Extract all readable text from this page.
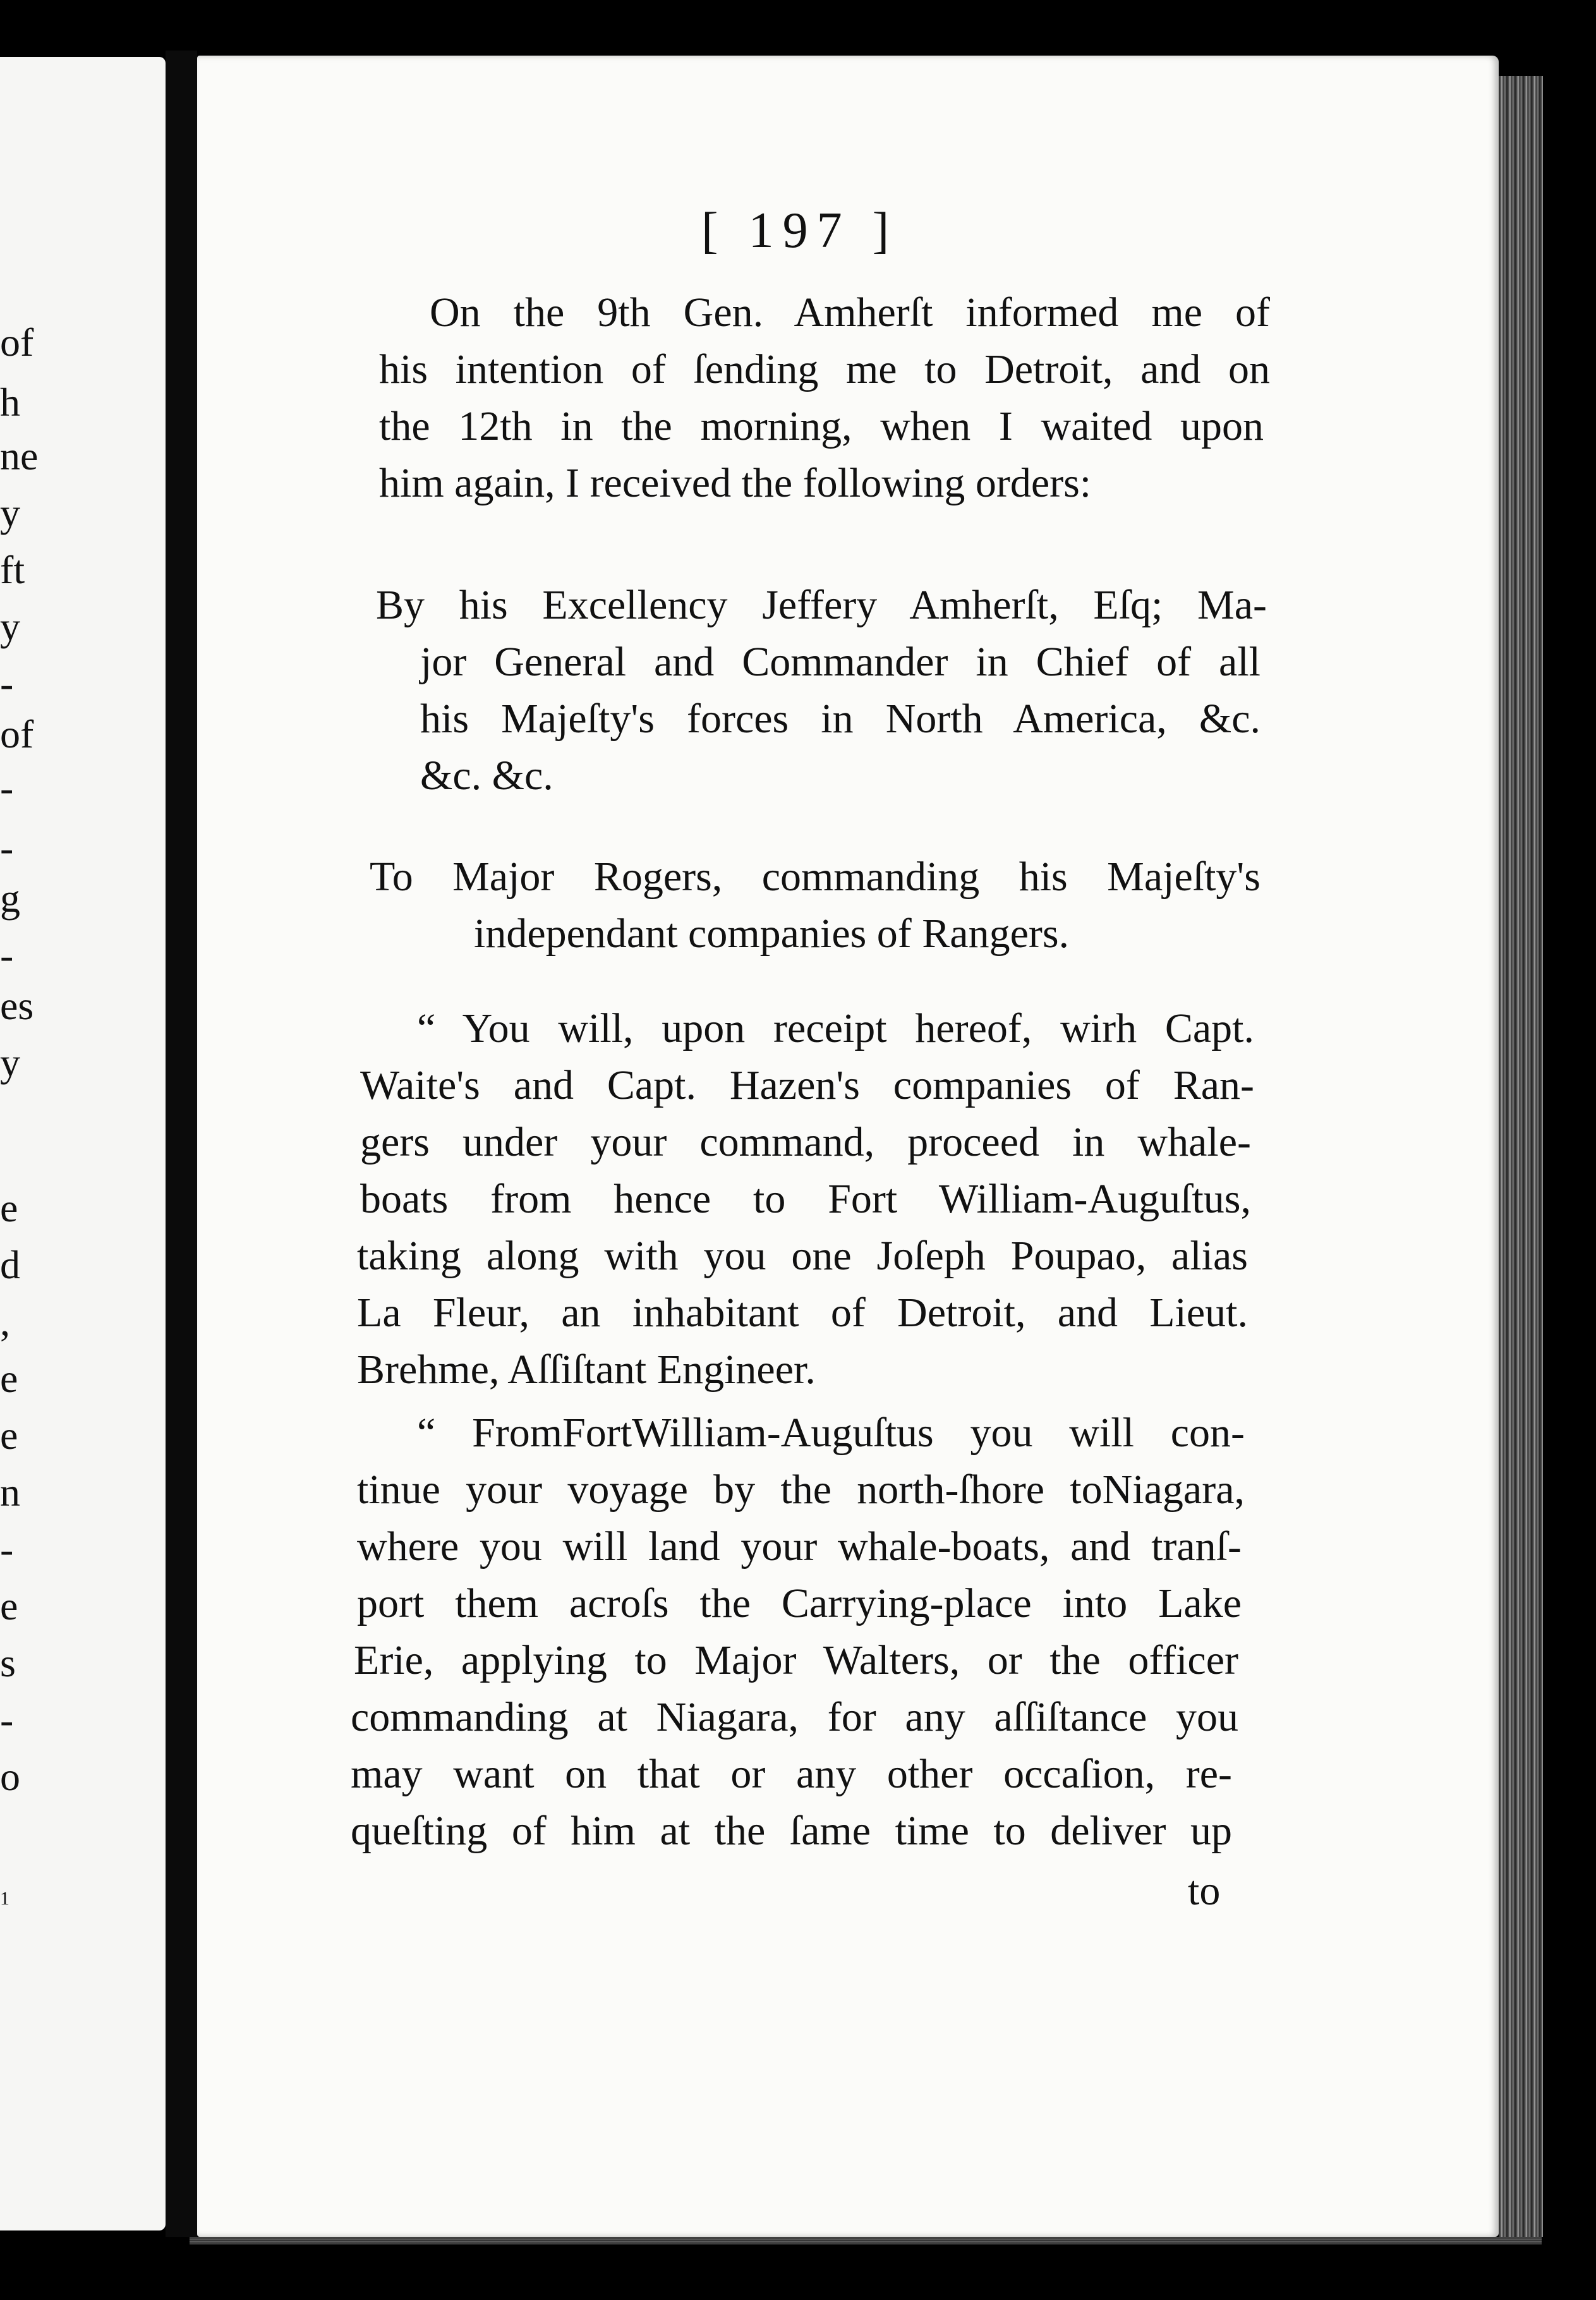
of
h
ne
y
ft
y
-
of
-
-
g
-
es
y
e
d
,
e
e
n
-
e
s
-
o
1
[ 197 ]
On the 9th Gen. Amherſt informed me of
his intention of ſending me to Detroit, and on
the 12th in the morning, when I waited upon
him again, I received the following orders:
By his Excellency Jeffery Amherſt, Eſq; Ma-
jor General and Commander in Chief of all
his Majeſty's forces in North America, &c.
&c. &c.
To Major Rogers, commanding his Majeſty's
independant companies of Rangers.
“ You will, upon receipt hereof, wirh Capt.
Waite's and Capt. Hazen's companies of Ran-
gers under your command, proceed in whale-
boats from hence to Fort William-Auguſtus,
taking along with you one Joſeph Poupao, alias
La Fleur, an inhabitant of Detroit, and Lieut.
Brehme, Aſſiſtant Engineer.
“ FromFortWilliam-Auguſtus you will con-
tinue your voyage by the north-ſhore toNiagara,
where you will land your whale-boats, and tranſ-
port them acroſs the Carrying-place into Lake
Erie, applying to Major Walters, or the officer
commanding at Niagara, for any aſſiſtance you
may want on that or any other occaſion, re-
queſting of him at the ſame time to deliver up
to
